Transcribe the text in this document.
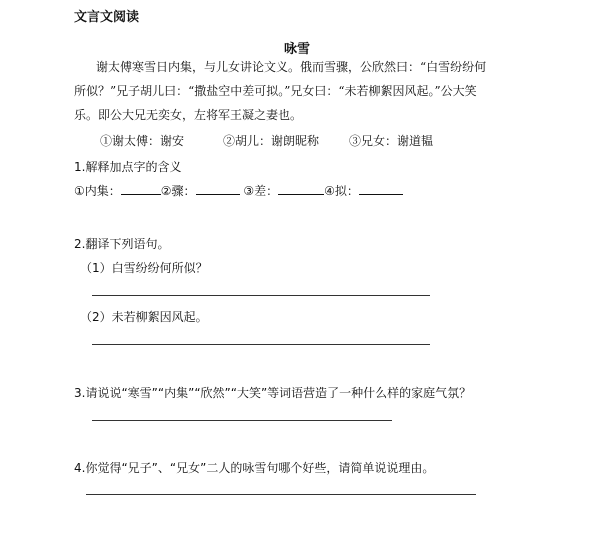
文言文阅读
咏雪
谢太傅寒雪日内集，与儿女讲论文义。俄而雪骤，公欣然曰：“白雪纷纷何
所似？”兄子胡儿曰：“撒盐空中差可拟。”兄女曰：“未若柳絮因风起。”公大笑
乐。即公大兄无奕女，左将军王凝之妻也。
①谢太傅：谢安	②胡儿：谢朗昵称 ③兄女：谢道韫
1.解释加点字的含义
①内集：	②骤：	③差：	④拟：
2.翻译下列语句。
（1）白雪纷纷何所似？
（2）未若柳絮因风起。
3.请说说“寒雪”“内集”“欣然”“大笑”等词语营造了一种什么样的家庭气氛？
4.你觉得“兄子”、“兄女”二人的咏雪句哪个好些，请简单说说理由。
